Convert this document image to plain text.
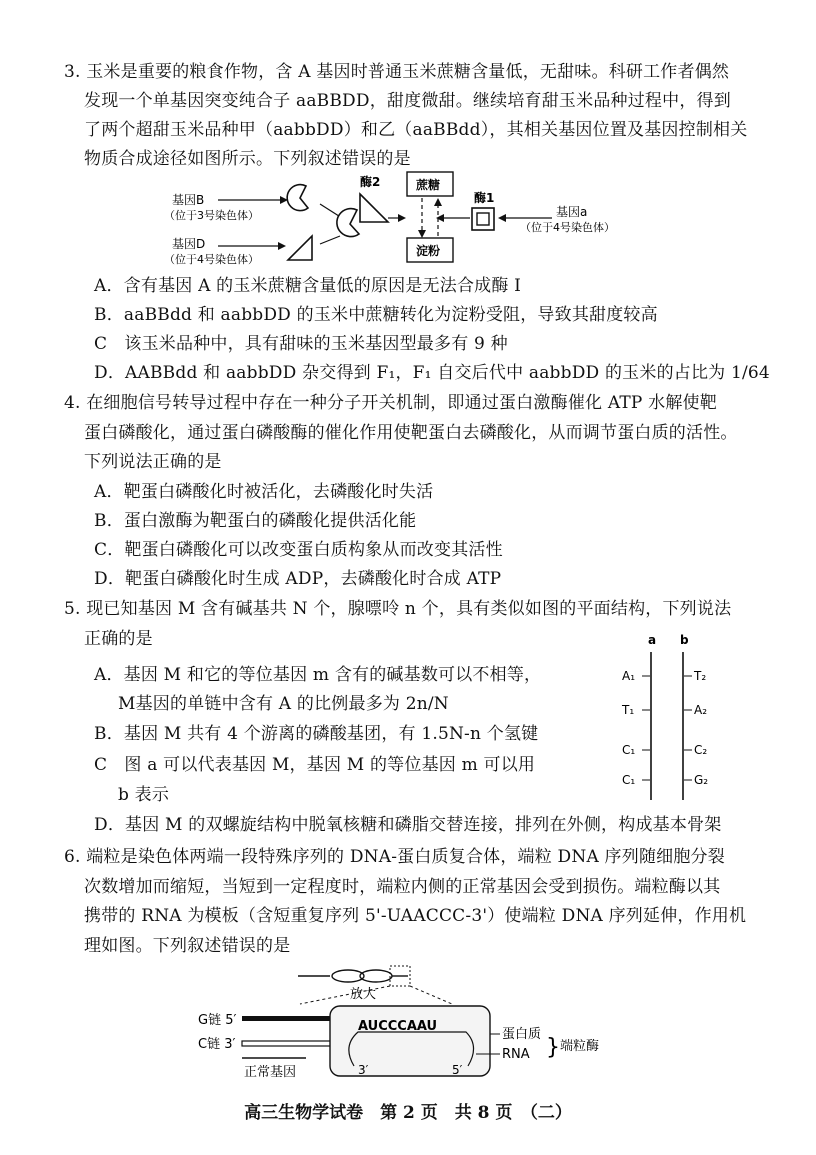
3. 玉米是重要的粮食作物，含 A 基因时普通玉米蔗糖含量低，无甜味。科研工作者偶然
发现一个单基因突变纯合子 aaBBDD，甜度微甜。继续培育甜玉米品种过程中，得到
了两个超甜玉米品种甲（aabbDD）和乙（aaBBdd），其相关基因位置及基因控制相关
物质合成途径如图所示。下列叙述错误的是
基因B
（位于3号染色体）
基因D
（位于4号染色体）
酶2	蔗糖
淀粉
酶1
基因a
（位于4号染色体）
A．含有基因 A 的玉米蔗糖含量低的原因是无法合成酶 I
B．aaBBdd 和 aabbDD 的玉米中蔗糖转化为淀粉受阻，导致其甜度较高
C　该玉米品种中，具有甜味的玉米基因型最多有 9 种
D．AABBdd 和 aabbDD 杂交得到 F₁，F₁ 自交后代中 aabbDD 的玉米的占比为 1/64
4. 在细胞信号转导过程中存在一种分子开关机制，即通过蛋白激酶催化 ATP 水解使靶
蛋白磷酸化，通过蛋白磷酸酶的催化作用使靶蛋白去磷酸化，从而调节蛋白质的活性。
下列说法正确的是
A．靶蛋白磷酸化时被活化，去磷酸化时失活
B．蛋白激酶为靶蛋白的磷酸化提供活化能
C．靶蛋白磷酸化可以改变蛋白质构象从而改变其活性
D．靶蛋白磷酸化时生成 ADP，去磷酸化时合成 ATP
5. 现已知基因 M 含有碱基共 N 个，腺嘌呤 n 个，具有类似如图的平面结构，下列说法
正确的是
A．基因 M 和它的等位基因 m 含有的碱基数可以不相等，
M基因的单链中含有 A 的比例最多为 2n/N
B．基因 M 共有 4 个游离的磷酸基团，有 1.5N-n 个氢键
C　图 a 可以代表基因 M，基因 M 的等位基因 m 可以用
b 表示
D．基因 M 的双螺旋结构中脱氧核糖和磷脂交替连接，排列在外侧，构成基本骨架
a b
A₁
T₁
C₁
C₁
T₂
A₂
C₂
G₂
6. 端粒是染色体两端一段特殊序列的 DNA-蛋白质复合体，端粒 DNA 序列随细胞分裂
次数增加而缩短，当短到一定程度时，端粒内侧的正常基因会受到损伤。端粒酶以其
携带的 RNA 为模板（含短重复序列 5'-UAACCC-3'）使端粒 DNA 序列延伸，作用机
理如图。下列叙述错误的是
放大
G链 5′
C链 3′
正常基因
AUCCCAAU
3′	5′
蛋白质
RNA } 端粒酶
高三生物学试卷　第 2 页　共 8 页　（二）
